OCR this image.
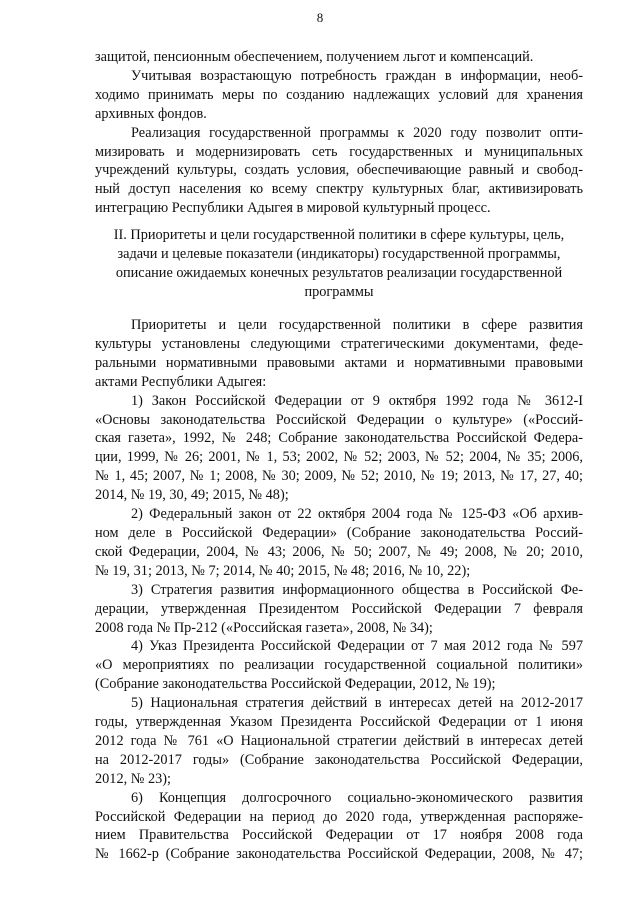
8
защитой, пенсионным обеспечением, получением льгот и компенсаций.
Учитывая возрастающую потребность граждан в информации, необ-
ходимо принимать меры по созданию надлежащих условий для хранения
архивных фондов.
Реализация государственной программы к 2020 году позволит опти-
мизировать и модернизировать сеть государственных и муниципальных
учреждений культуры, создать условия, обеспечивающие равный и свобод-
ный доступ населения ко всему спектру культурных благ, активизировать
интеграцию Республики Адыгея в мировой культурный процесс.
II. Приоритеты и цели государственной политики в сфере культуры, цель,
задачи и целевые показатели (индикаторы) государственной программы,
описание ожидаемых конечных результатов реализации государственной
программы
Приоритеты и цели государственной политики в сфере развития
культуры установлены следующими стратегическими документами, феде-
ральными нормативными правовыми актами и нормативными правовыми
актами Республики Адыгея:
1) Закон Российской Федерации от 9 октября 1992 года № 3612-I
«Основы законодательства Российской Федерации о культуре» («Россий-
ская газета», 1992, № 248; Собрание законодательства Российской Федера-
ции, 1999, № 26; 2001, № 1, 53; 2002, № 52; 2003, № 52; 2004, № 35; 2006,
№ 1, 45; 2007, № 1; 2008, № 30; 2009, № 52; 2010, № 19; 2013, № 17, 27, 40;
2014, № 19, 30, 49; 2015, № 48);
2) Федеральный закон от 22 октября 2004 года № 125-ФЗ «Об архив-
ном деле в Российской Федерации» (Собрание законодательства Россий-
ской Федерации, 2004, № 43; 2006, № 50; 2007, № 49; 2008, № 20; 2010,
№ 19, 31; 2013, № 7; 2014, № 40; 2015, № 48; 2016, № 10, 22);
3) Стратегия развития информационного общества в Российской Фе-
дерации, утвержденная Президентом Российской Федерации 7 февраля
2008 года № Пр-212 («Российская газета», 2008, № 34);
4) Указ Президента Российской Федерации от 7 мая 2012 года № 597
«О мероприятиях по реализации государственной социальной политики»
(Собрание законодательства Российской Федерации, 2012, № 19);
5) Национальная стратегия действий в интересах детей на 2012-2017
годы, утвержденная Указом Президента Российской Федерации от 1 июня
2012 года № 761 «О Национальной стратегии действий в интересах детей
на 2012-2017 годы» (Собрание законодательства Российской Федерации,
2012, № 23);
6) Концепция долгосрочного социально-экономического развития
Российской Федерации на период до 2020 года, утвержденная распоряже-
нием Правительства Российской Федерации от 17 ноября 2008 года
№ 1662-р (Собрание законодательства Российской Федерации, 2008, № 47;
